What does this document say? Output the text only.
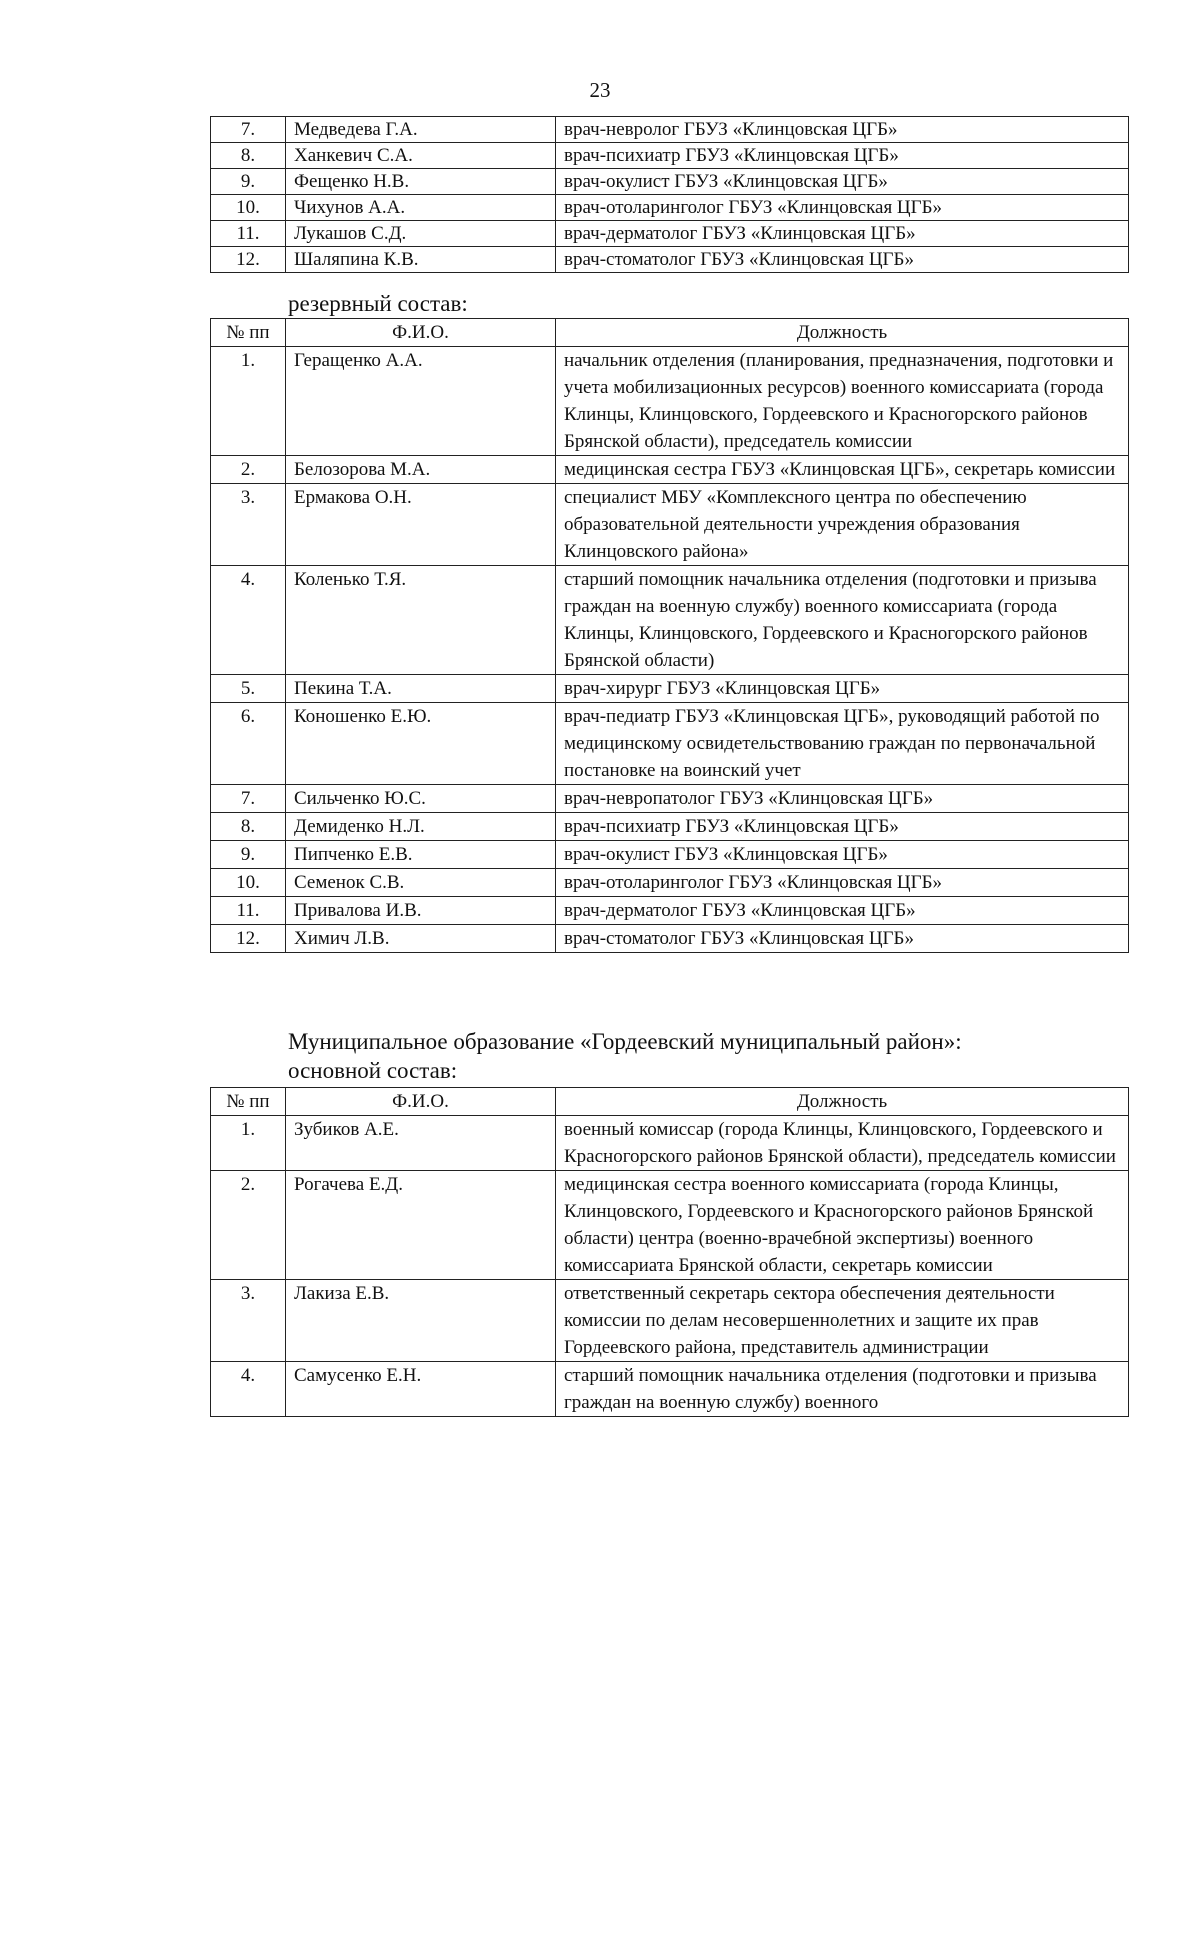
23
7.	Медведева Г.А.	врач-невролог ГБУЗ «Клинцовская ЦГБ»
8.	Ханкевич С.А.	врач-психиатр ГБУЗ «Клинцовская ЦГБ»
9.	Фещенко Н.В.	врач-окулист ГБУЗ «Клинцовская ЦГБ»
10.	Чихунов А.А.	врач-отоларинголог ГБУЗ «Клинцовская ЦГБ»
11.	Лукашов С.Д.	врач-дерматолог ГБУЗ «Клинцовская ЦГБ»
12.	Шаляпина К.В.	врач-стоматолог ГБУЗ «Клинцовская ЦГБ»
резервный состав:
№ пп	Ф.И.О.	Должность
1.	Геращенко А.А.	начальник отделения (планирования, предназначения, подготовки и учета мобилизационных ресурсов) военного комиссариата (города Клинцы, Клинцовского, Гордеевского и Красногорского районов Брянской области), председатель комиссии
2.	Белозорова М.А.	медицинская сестра ГБУЗ «Клинцовская ЦГБ», секретарь комиссии
3.	Ермакова О.Н.	специалист МБУ «Комплексного центра по обеспечению образовательной деятельности учреждения образования Клинцовского района»
4.	Коленько Т.Я.	старший помощник начальника отделения (подготовки и призыва граждан на военную службу) военного комиссариата (города Клинцы, Клинцовского, Гордеевского и Красногорского районов Брянской области)
5.	Пекина Т.А.	врач-хирург ГБУЗ «Клинцовская ЦГБ»
6.	Коношенко Е.Ю.	врач-педиатр ГБУЗ «Клинцовская ЦГБ», руководящий работой по медицинскому освидетельствованию граждан по первоначальной постановке на воинский учет
7.	Сильченко Ю.С.	врач-невропатолог ГБУЗ «Клинцовская ЦГБ»
8.	Демиденко Н.Л.	врач-психиатр ГБУЗ «Клинцовская ЦГБ»
9.	Пипченко Е.В.	врач-окулист ГБУЗ «Клинцовская ЦГБ»
10.	Семенок С.В.	врач-отоларинголог ГБУЗ «Клинцовская ЦГБ»
11.	Привалова И.В.	врач-дерматолог ГБУЗ «Клинцовская ЦГБ»
12.	Химич Л.В.	врач-стоматолог ГБУЗ «Клинцовская ЦГБ»
Муниципальное образование «Гордеевский муниципальный район»:
основной состав:
№ пп	Ф.И.О.	Должность
1.	Зубиков А.Е.	военный комиссар (города Клинцы, Клинцовского, Гордеевского и Красногорского районов Брянской области), председатель комиссии
2.	Рогачева Е.Д.	медицинская сестра военного комиссариата (города Клинцы, Клинцовского, Гордеевского и Красногорского районов Брянской области) центра (военно-врачебной экспертизы) военного комиссариата Брянской области, секретарь комиссии
3.	Лакиза Е.В.	ответственный секретарь сектора обеспечения деятельности комиссии по делам несовершеннолетних и защите их прав Гордеевского района, представитель администрации
4.	Самусенко Е.Н.	старший помощник начальника отделения (подготовки и призыва граждан на военную службу) военного
